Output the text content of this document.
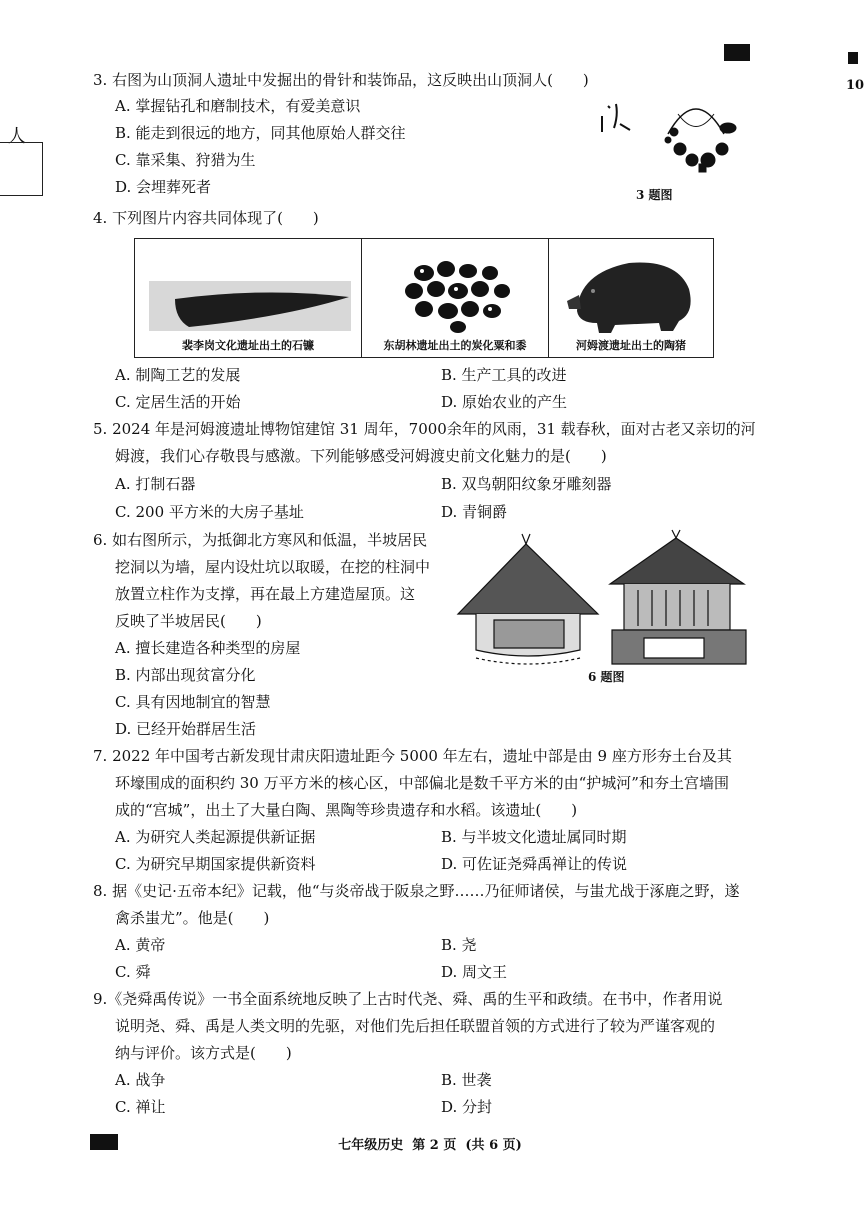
10
人
3. 右图为山顶洞人遗址中发掘出的骨针和装饰品，这反映出山顶洞人(　　)
A. 掌握钻孔和磨制技术，有爱美意识
B. 能走到很远的地方，同其他原始人群交往
C. 靠采集、狩猎为生
D. 会埋葬死者	3 题图
4. 下列图片内容共同体现了(　　)
裴李岗文化遗址出土的石镰	东胡林遗址出土的炭化粟和黍	河姆渡遗址出土的陶猪
A. 制陶工艺的发展	B. 生产工具的改进
C. 定居生活的开始	D. 原始农业的产生
5. 2024 年是河姆渡遗址博物馆建馆 31 周年，7000余年的风雨，31 载春秋，面对古老又亲切的河
姆渡，我们心存敬畏与感激。下列能够感受河姆渡史前文化魅力的是(　　)
A. 打制石器	B. 双鸟朝阳纹象牙雕刻器
C. 200 平方米的大房子基址	D. 青铜爵
6. 如右图所示，为抵御北方寒风和低温，半坡居民
挖洞以为墙，屋内设灶坑以取暖，在挖的柱洞中
放置立柱作为支撑，再在最上方建造屋顶。这
反映了半坡居民(　　)
A. 擅长建造各种类型的房屋
B. 内部出现贫富分化
C. 具有因地制宜的智慧
D. 已经开始群居生活
6 题图
7. 2022 年中国考古新发现甘肃庆阳遗址距今 5000 年左右，遗址中部是由 9 座方形夯土台及其
环壕围成的面积约 30 万平方米的核心区，中部偏北是数千平方米的由“护城河”和夯土宫墙围
成的“宫城”，出土了大量白陶、黑陶等珍贵遗存和水稻。该遗址(　　)
A. 为研究人类起源提供新证据	B. 与半坡文化遗址属同时期
C. 为研究早期国家提供新资料	D. 可佐证尧舜禹禅让的传说
8. 据《史记·五帝本纪》记载，他“与炎帝战于阪泉之野……乃征师诸侯，与蚩尤战于涿鹿之野，遂
禽杀蚩尤”。他是(　　)
A. 黄帝	B. 尧
C. 舜	D. 周文王
9.《尧舜禹传说》一书全面系统地反映了上古时代尧、舜、禹的生平和政绩。在书中，作者用说
说明尧、舜、禹是人类文明的先驱，对他们先后担任联盟首领的方式进行了较为严谨客观的
纳与评价。该方式是(　　)
A. 战争	B. 世袭
C. 禅让	D. 分封
七年级历史  第 2 页  (共 6 页)
